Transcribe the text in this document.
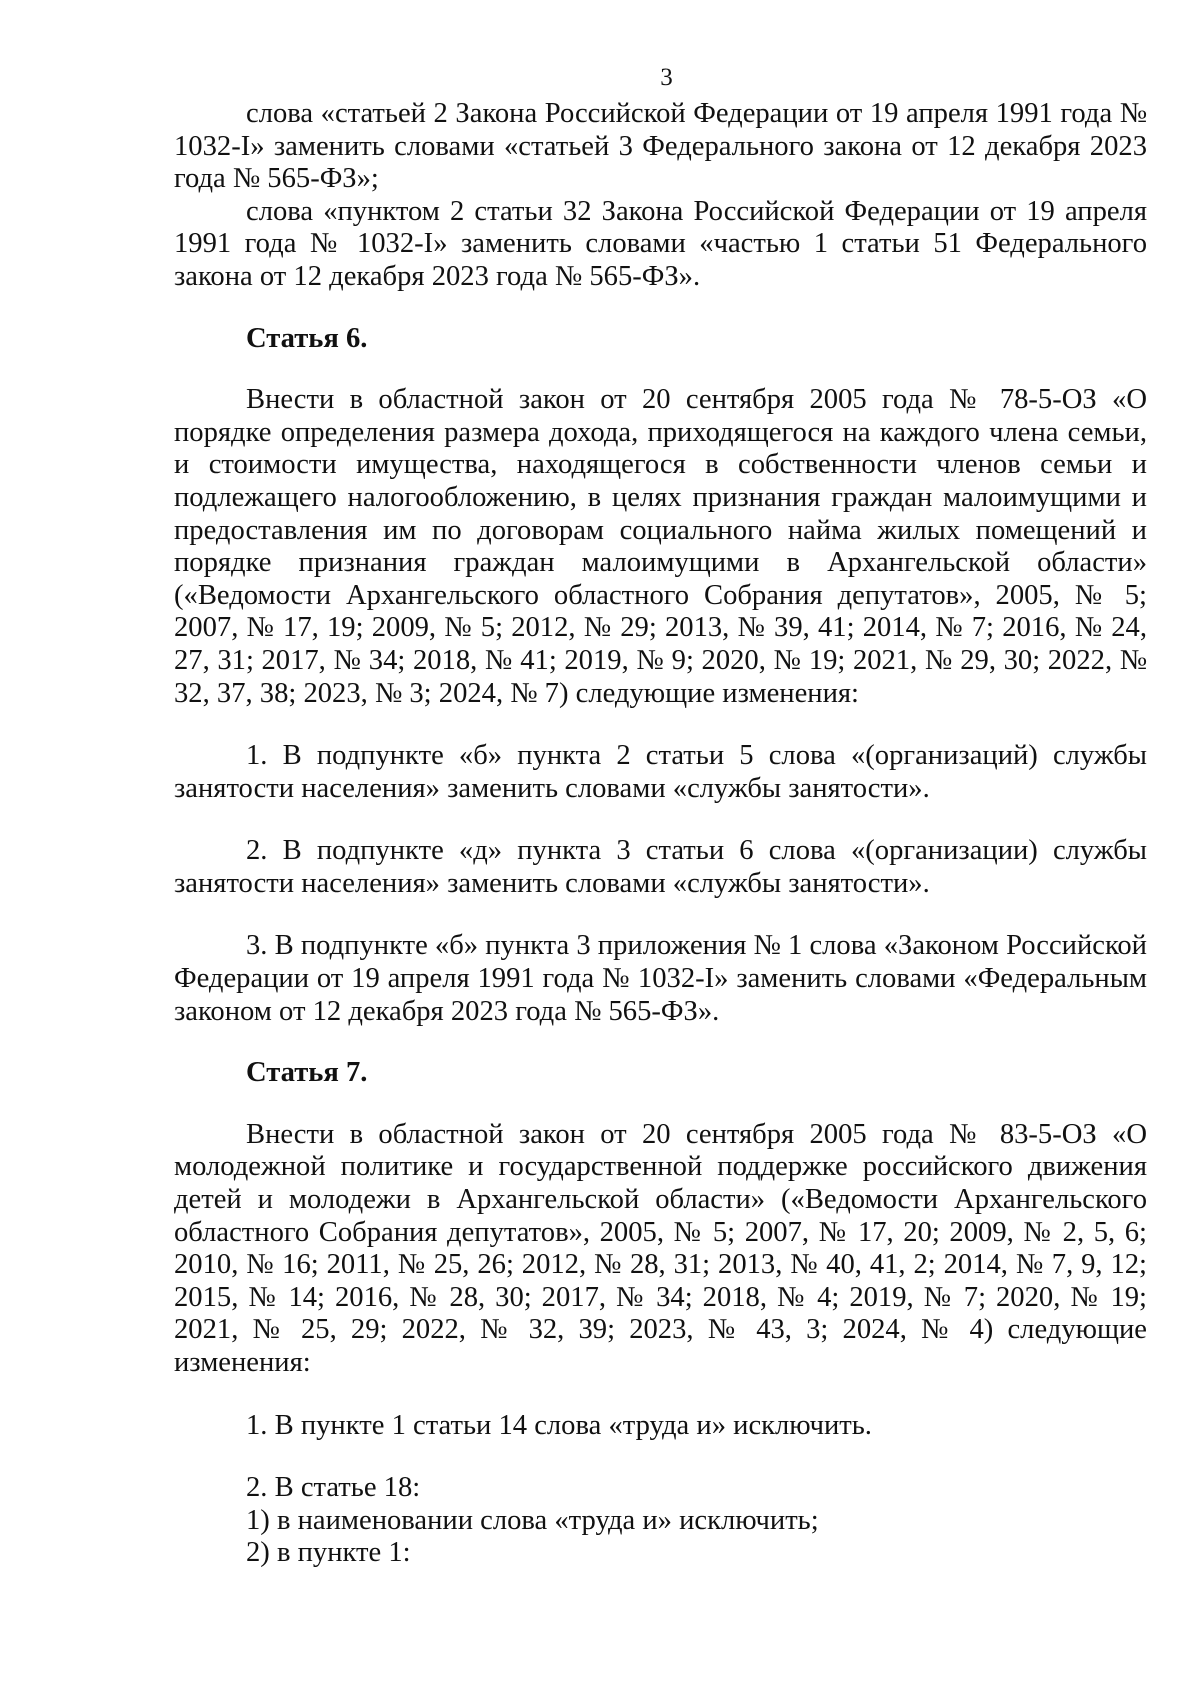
3

слова «статьей 2 Закона Российской Федерации от 19 апреля 1991 года № 1032-I» заменить словами «статьей 3 Федерального закона от 12 декабря 2023 года № 565-ФЗ»;

слова «пунктом 2 статьи 32 Закона Российской Федерации от 19 апреля 1991 года № 1032-I» заменить словами «частью 1 статьи 51 Федерального закона от 12 декабря 2023 года № 565-ФЗ».

Статья 6.

Внести в областной закон от 20 сентября 2005 года № 78-5-ОЗ «О порядке определения размера дохода, приходящегося на каждого члена семьи, и стоимости имущества, находящегося в собственности членов семьи и подлежащего налогообложению, в целях признания граждан малоимущими и предоставления им по договорам социального найма жилых помещений и порядке признания граждан малоимущими в Архангельской области» («Ведомости Архангельского областного Собрания депутатов», 2005, № 5; 2007, № 17, 19; 2009, № 5; 2012, № 29; 2013, № 39, 41; 2014, № 7; 2016, № 24, 27, 31; 2017, № 34; 2018, № 41; 2019, № 9; 2020, № 19; 2021, № 29, 30; 2022, № 32, 37, 38; 2023, № 3; 2024, № 7) следующие изменения:

1. В подпункте «б» пункта 2 статьи 5 слова «(организаций) службы занятости населения» заменить словами «службы занятости».

2. В подпункте «д» пункта 3 статьи 6 слова «(организации) службы занятости населения» заменить словами «службы занятости».

3. В подпункте «б» пункта 3 приложения № 1 слова «Законом Российской Федерации от 19 апреля 1991 года № 1032-I» заменить словами «Федеральным законом от 12 декабря 2023 года № 565-ФЗ».

Статья 7.

Внести в областной закон от 20 сентября 2005 года № 83-5-ОЗ «О молодежной политике и государственной поддержке российского движения детей и молодежи в Архангельской области» («Ведомости Архангельского областного Собрания депутатов», 2005, № 5; 2007, № 17, 20; 2009, № 2, 5, 6; 2010, № 16; 2011, № 25, 26; 2012, № 28, 31; 2013, № 40, 41, 2; 2014, № 7, 9, 12; 2015, № 14; 2016, № 28, 30; 2017, № 34; 2018, № 4; 2019, № 7; 2020, № 19; 2021, № 25, 29; 2022, № 32, 39; 2023, № 43, 3; 2024, № 4) следующие изменения:

1. В пункте 1 статьи 14 слова «труда и» исключить.

2. В статье 18:

1) в наименовании слова «труда и» исключить;

2) в пункте 1:
